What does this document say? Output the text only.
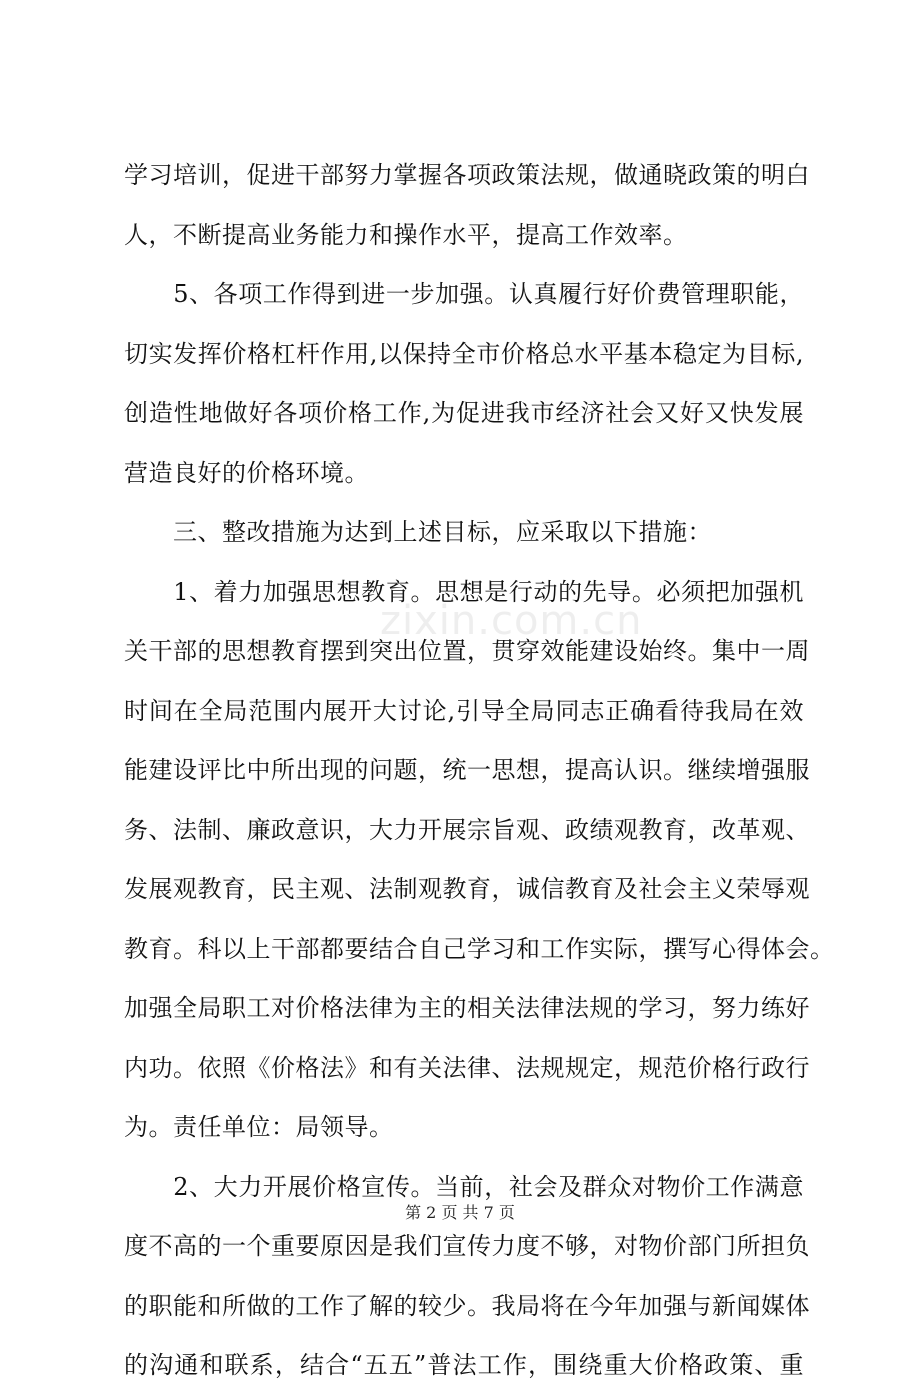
学习培训，促进干部努力掌握各项政策法规，做通晓政策的明白
人，不断提高业务能力和操作水平，提高工作效率。
　　5、各项工作得到进一步加强。认真履行好价费管理职能，
切实发挥价格杠杆作用,以保持全市价格总水平基本稳定为目标,
创造性地做好各项价格工作,为促进我市经济社会又好又快发展
营造良好的价格环境。
　　三、整改措施为达到上述目标，应采取以下措施：
　　1、着力加强思想教育。思想是行动的先导。必须把加强机
关干部的思想教育摆到突出位置，贯穿效能建设始终。集中一周
时间在全局范围内展开大讨论,引导全局同志正确看待我局在效
能建设评比中所出现的问题，统一思想，提高认识。继续增强服
务、法制、廉政意识，大力开展宗旨观、政绩观教育，改革观、
发展观教育，民主观、法制观教育，诚信教育及社会主义荣辱观
教育。科以上干部都要结合自己学习和工作实际，撰写心得体会。
加强全局职工对价格法律为主的相关法律法规的学习，努力练好
内功。依照《价格法》和有关法律、法规规定，规范价格行政行
为。责任单位：局领导。
　　2、大力开展价格宣传。当前，社会及群众对物价工作满意
度不高的一个重要原因是我们宣传力度不够，对物价部门所担负
的职能和所做的工作了解的较少。我局将在今年加强与新闻媒体
的沟通和联系，结合“五五”普法工作，围绕重大价格政策、重
zixin.com.cn
第 2 页 共 7 页
